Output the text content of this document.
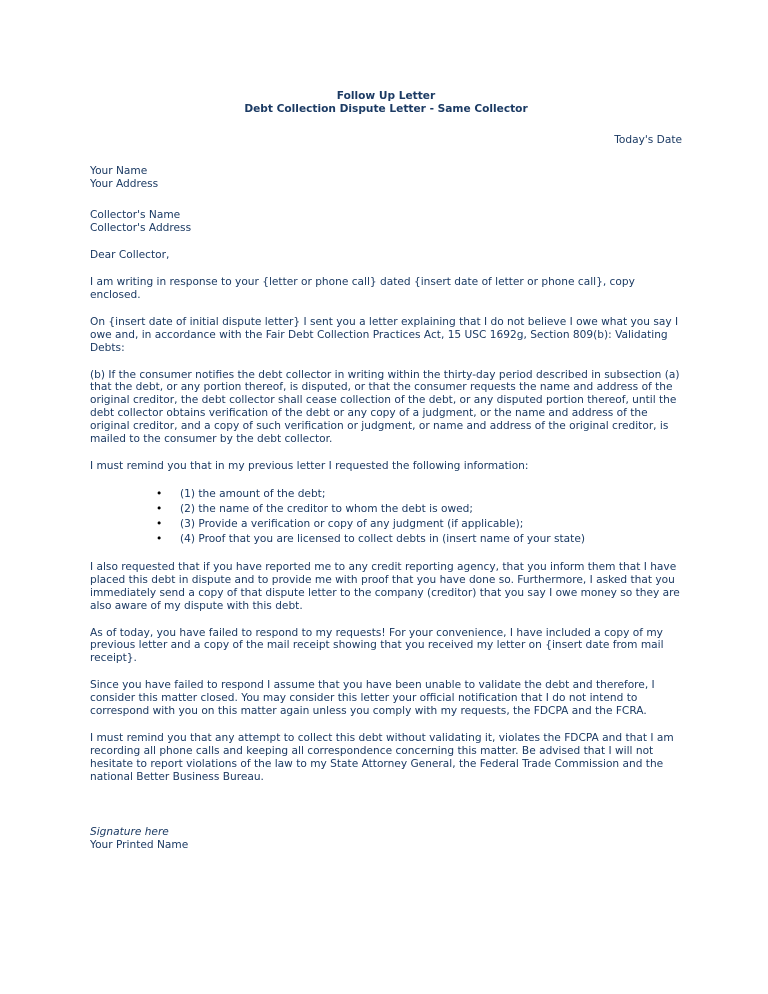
Follow Up Letter
Debt Collection Dispute Letter - Same Collector
Today's Date
Your Name
Your Address
Collector's Name
Collector's Address
Dear Collector,

I am writing in response to your {letter or phone call} dated {insert date of letter or phone call}, copy enclosed.

On {insert date of initial dispute letter} I sent you a letter explaining that I do not believe I owe what you say I owe and, in accordance with the Fair Debt Collection Practices Act, 15 USC 1692g, Section 809(b): Validating Debts:

(b) If the consumer notifies the debt collector in writing within the thirty-day period described in subsection (a) that the debt, or any portion thereof, is disputed, or that the consumer requests the name and address of the original creditor, the debt collector shall cease collection of the debt, or any disputed portion thereof, until the debt collector obtains verification of the debt or any copy of a judgment, or the name and address of the original creditor, and a copy of such verification or judgment, or name and address of the original creditor, is mailed to the consumer by the debt collector.

I must remind you that in my previous letter I requested the following information:

• (1) the amount of the debt;
• (2) the name of the creditor to whom the debt is owed;
• (3) Provide a verification or copy of any judgment (if applicable);
• (4) Proof that you are licensed to collect debts in (insert name of your state)

I also requested that if you have reported me to any credit reporting agency, that you inform them that I have placed this debt in dispute and to provide me with proof that you have done so. Furthermore, I asked that you immediately send a copy of that dispute letter to the company (creditor) that you say I owe money so they are also aware of my dispute with this debt.

As of today, you have failed to respond to my requests! For your convenience, I have included a copy of my previous letter and a copy of the mail receipt showing that you received my letter on {insert date from mail receipt}.

Since you have failed to respond I assume that you have been unable to validate the debt and therefore, I consider this matter closed. You may consider this letter your official notification that I do not intend to correspond with you on this matter again unless you comply with my requests, the FDCPA and the FCRA.

I must remind you that any attempt to collect this debt without validating it, violates the FDCPA and that I am recording all phone calls and keeping all correspondence concerning this matter. Be advised that I will not hesitate to report violations of the law to my State Attorney General, the Federal Trade Commission and the national Better Business Bureau.

Signature here
Your Printed Name
